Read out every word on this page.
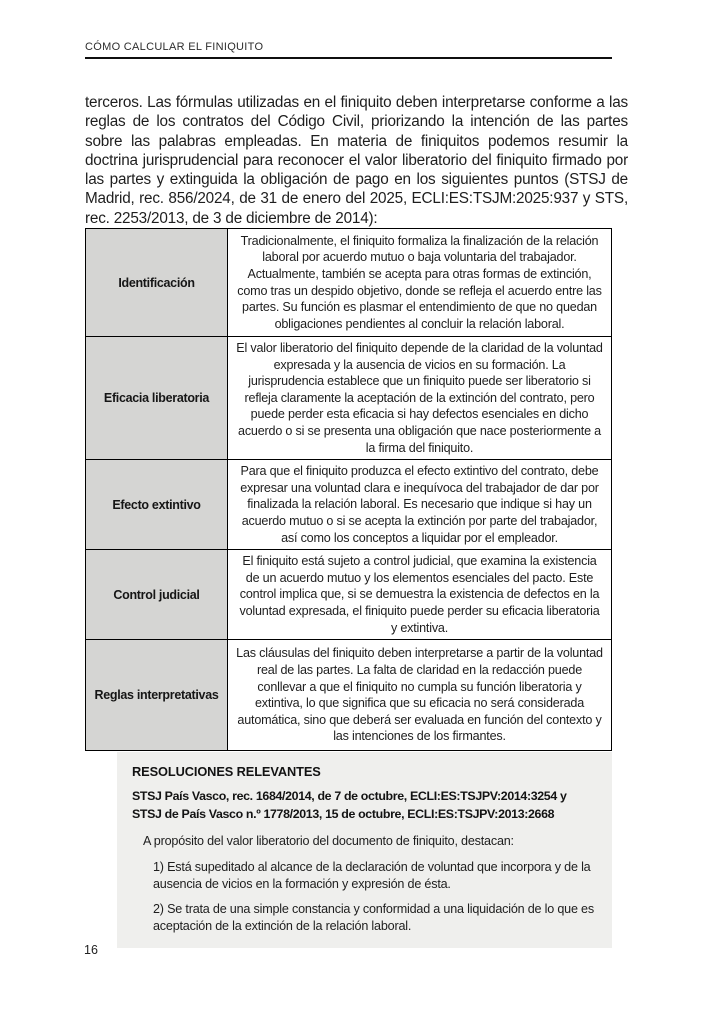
CÓMO CALCULAR EL FINIQUITO

terceros. Las fórmulas utilizadas en el finiquito deben interpretarse conforme a las reglas de los contratos del Código Civil, priorizando la intención de las partes sobre las palabras empleadas. En materia de finiquitos podemos resumir la doctrina jurisprudencial para reconocer el valor liberatorio del finiquito firmado por las partes y extinguida la obligación de pago en los siguientes puntos (STSJ de Madrid, rec. 856/2024, de 31 de enero del 2025, ECLI:ES:TSJM:2025:937 y STS, rec. 2253/2013, de 3 de diciembre de 2014):

Identificación	Tradicionalmente, el finiquito formaliza la finalización de la relación laboral por acuerdo mutuo o baja voluntaria del trabajador. Actualmente, también se acepta para otras formas de extinción, como tras un despido objetivo, donde se refleja el acuerdo entre las partes. Su función es plasmar el entendimiento de que no quedan obligaciones pendientes al concluir la relación laboral.
Eficacia liberatoria	El valor liberatorio del finiquito depende de la claridad de la voluntad expresada y la ausencia de vicios en su formación. La jurisprudencia establece que un finiquito puede ser liberatorio si refleja claramente la aceptación de la extinción del contrato, pero puede perder esta eficacia si hay defectos esenciales en dicho acuerdo o si se presenta una obligación que nace posteriormente a la firma del finiquito.
Efecto extintivo	Para que el finiquito produzca el efecto extintivo del contrato, debe expresar una voluntad clara e inequívoca del trabajador de dar por finalizada la relación laboral. Es necesario que indique si hay un acuerdo mutuo o si se acepta la extinción por parte del trabajador, así como los conceptos a liquidar por el empleador.
Control judicial	El finiquito está sujeto a control judicial, que examina la existencia de un acuerdo mutuo y los elementos esenciales del pacto. Este control implica que, si se demuestra la existencia de defectos en la voluntad expresada, el finiquito puede perder su eficacia liberatoria y extintiva.
Reglas interpretativas	Las cláusulas del finiquito deben interpretarse a partir de la voluntad real de las partes. La falta de claridad en la redacción puede conllevar a que el finiquito no cumpla su función liberatoria y extintiva, lo que significa que su eficacia no será considerada automática, sino que deberá ser evaluada en función del contexto y las intenciones de los firmantes.
RESOLUCIONES RELEVANTES
STSJ País Vasco, rec. 1684/2014, de 7 de octubre, ECLI:ES:TSJPV:2014:3254 y STSJ de País Vasco n.º 1778/2013, 15 de octubre, ECLI:ES:TSJPV:2013:2668
A propósito del valor liberatorio del documento de finiquito, destacan:
1) Está supeditado al alcance de la declaración de voluntad que incorpora y de la ausencia de vicios en la formación y expresión de ésta.
2) Se trata de una simple constancia y conformidad a una liquidación de lo que es aceptación de la extinción de la relación laboral.
16
